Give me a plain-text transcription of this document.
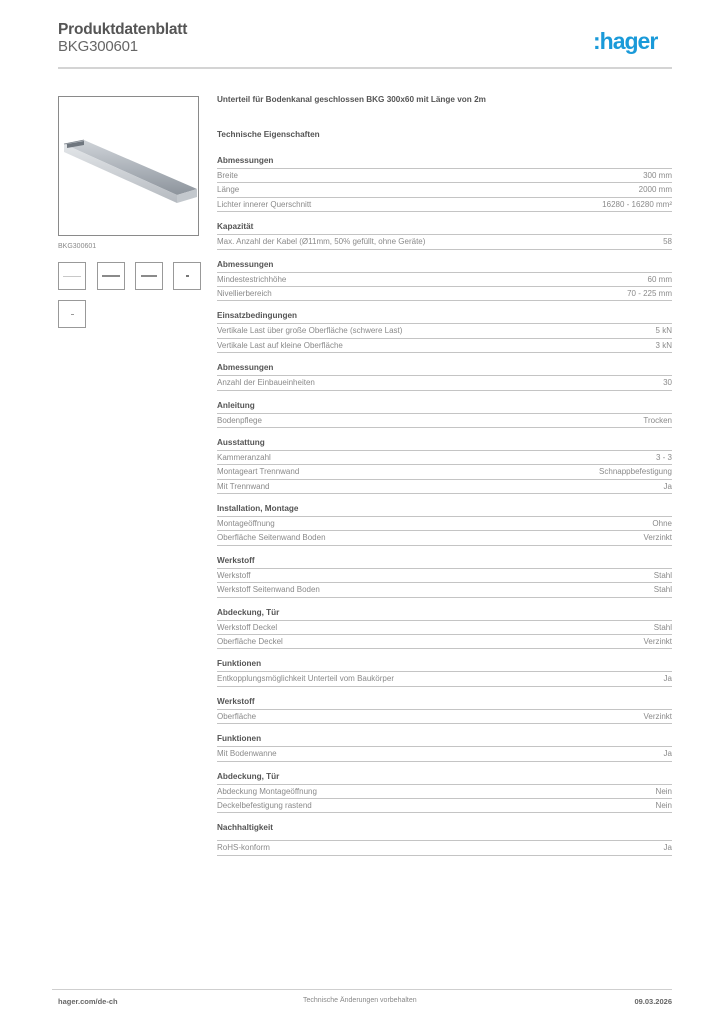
Produktdatenblatt
BKG300601	:hager
BKG300601
Unterteil für Bodenkanal geschlossen BKG 300x60 mit Länge von 2m
Technische Eigenschaften
Abmessungen
Breite	300 mm
Länge	2000 mm
Lichter innerer Querschnitt	16280 - 16280 mm²
Kapazität
Max. Anzahl der Kabel (Ø11mm, 50% gefüllt, ohne Geräte)	58
Abmessungen
Mindestestrichhöhe	60 mm
Nivellierbereich	70 - 225 mm
Einsatzbedingungen
Vertikale Last über große Oberfläche (schwere Last)	5 kN
Vertikale Last auf kleine Oberfläche	3 kN
Abmessungen
Anzahl der Einbaueinheiten	30
Anleitung
Bodenpflege	Trocken
Ausstattung
Kammeranzahl	3 - 3
Montageart Trennwand	Schnappbefestigung
Mit Trennwand	Ja
Installation, Montage
Montageöffnung	Ohne
Oberfläche Seitenwand Boden	Verzinkt
Werkstoff
Werkstoff	Stahl
Werkstoff Seitenwand Boden	Stahl
Abdeckung, Tür
Werkstoff Deckel	Stahl
Oberfläche Deckel	Verzinkt
Funktionen
Entkopplungsmöglichkeit Unterteil vom Baukörper	Ja
Werkstoff
Oberfläche	Verzinkt
Funktionen
Mit Bodenwanne	Ja
Abdeckung, Tür
Abdeckung Montageöffnung	Nein
Deckelbefestigung rastend	Nein
Nachhaltigkeit
RoHS-konform	Ja
hager.com/de-ch	Technische Änderungen vorbehalten	09.03.2026
